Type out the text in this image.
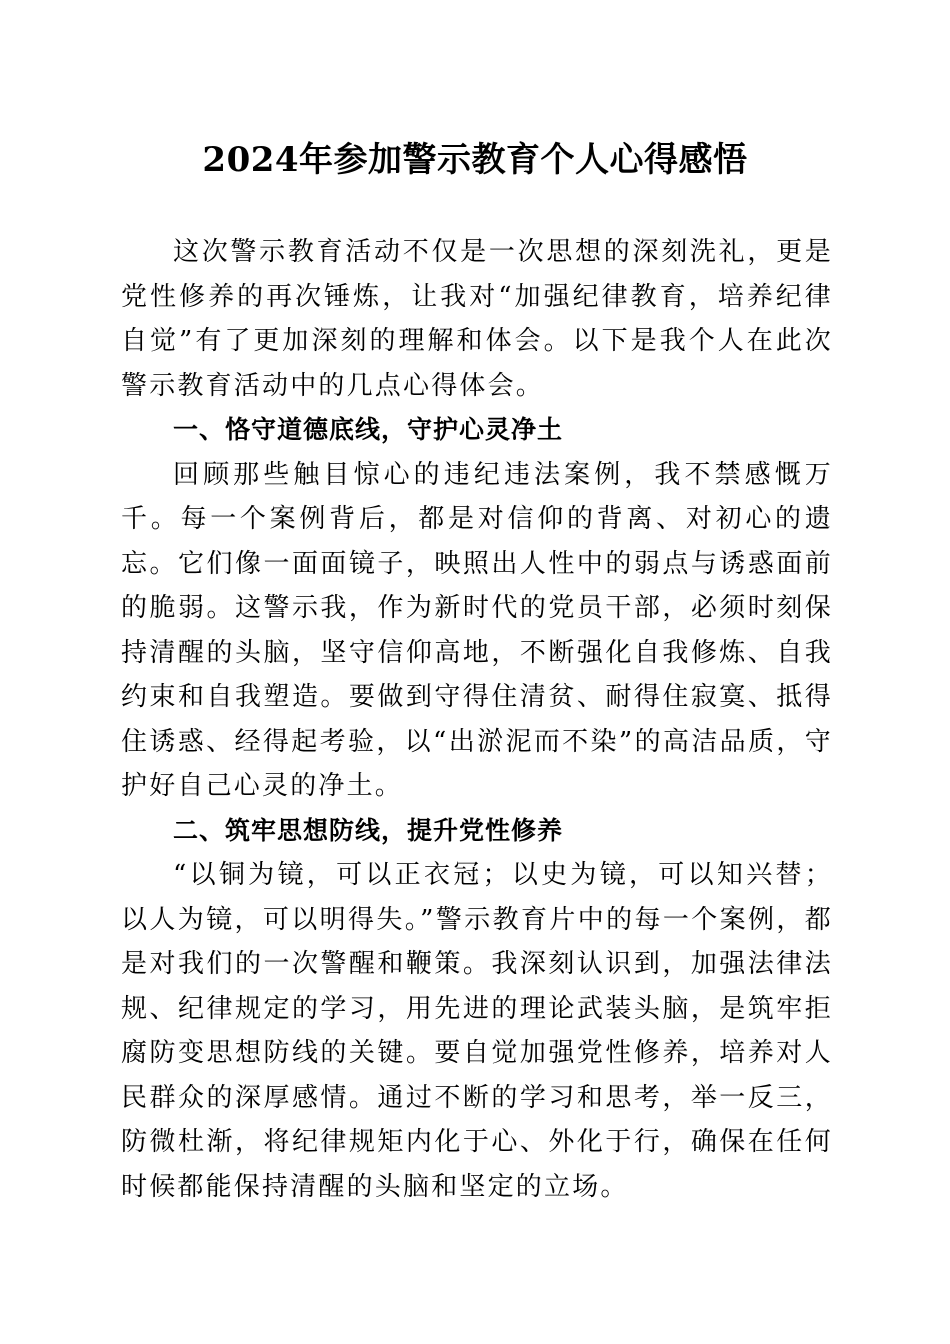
2024年参加警示教育个人心得感悟

这次警示教育活动不仅是一次思想的深刻洗礼，更是党性修养的再次锤炼，让我对“加强纪律教育，培养纪律自觉”有了更加深刻的理解和体会。以下是我个人在此次警示教育活动中的几点心得体会。

一、恪守道德底线，守护心灵净土

回顾那些触目惊心的违纪违法案例，我不禁感慨万千。每一个案例背后，都是对信仰的背离、对初心的遗忘。它们像一面面镜子，映照出人性中的弱点与诱惑面前的脆弱。这警示我，作为新时代的党员干部，必须时刻保持清醒的头脑，坚守信仰高地，不断强化自我修炼、自我约束和自我塑造。要做到守得住清贫、耐得住寂寞、抵得住诱惑、经得起考验，以“出淤泥而不染”的高洁品质，守护好自己心灵的净土。

二、筑牢思想防线，提升党性修养

“以铜为镜，可以正衣冠；以史为镜，可以知兴替；以人为镜，可以明得失。”警示教育片中的每一个案例，都是对我们的一次警醒和鞭策。我深刻认识到，加强法律法规、纪律规定的学习，用先进的理论武装头脑，是筑牢拒腐防变思想防线的关键。要自觉加强党性修养，培养对人民群众的深厚感情。通过不断的学习和思考，举一反三，防微杜渐，将纪律规矩内化于心、外化于行，确保在任何时候都能保持清醒的头脑和坚定的立场。
